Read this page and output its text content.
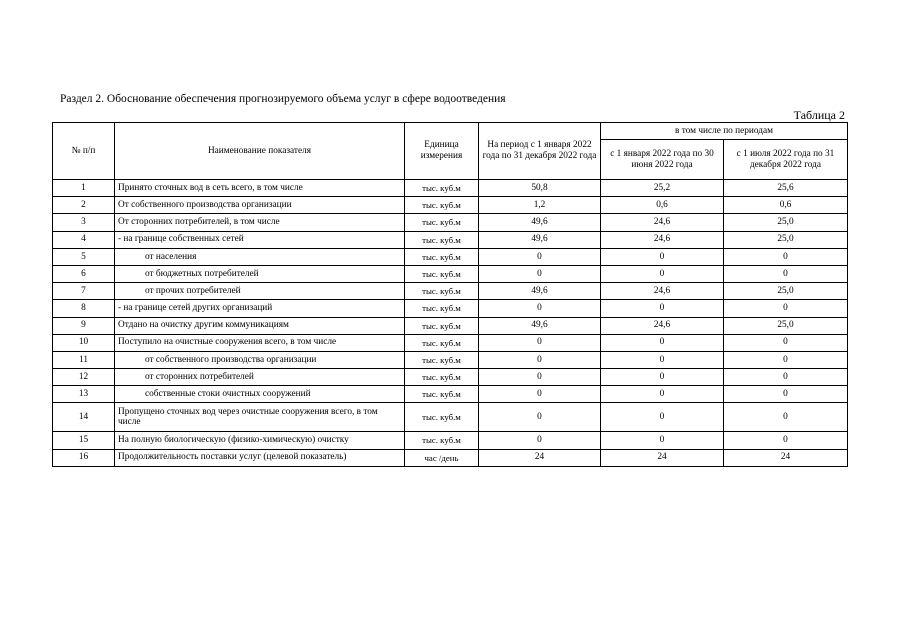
Раздел 2. Обоснование обеспечения прогнозируемого объема услуг в сфере водоотведения
Таблица 2
№ п/п	Наименование показателя	Единица измерения	На период с 1 января 2022 года по 31 декабря 2022 года	в том числе по периодам	
				с 1 января 2022 года по 30 июня 2022 года	с 1 июля 2022 года по 31 декабря 2022 года
1	Принято сточных вод в сеть всего, в том числе	тыс. куб.м	50,8	25,2	25,6
2	От собственного производства организации	тыс. куб.м	1,2	0,6	0,6
3	От сторонних потребителей, в том числе	тыс. куб.м	49,6	24,6	25,0
4	- на границе собственных сетей	тыс. куб.м	49,6	24,6	25,0
5	от населения	тыс. куб.м	0	0	0
6	от бюджетных потребителей	тыс. куб.м	0	0	0
7	от прочих потребителей	тыс. куб.м	49,6	24,6	25,0
8	- на границе сетей других организаций	тыс. куб.м	0	0	0
9	Отдано на очистку другим коммуникациям	тыс. куб.м	49,6	24,6	25,0
10	Поступило на очистные сооружения всего, в том числе	тыс. куб.м	0	0	0
11	от собственного производства организации	тыс. куб.м	0	0	0
12	от сторонних потребителей	тыс. куб.м	0	0	0
13	собственные стоки очистных сооружений	тыс. куб.м	0	0	0
14	Пропущено сточных вод через очистные сооружения всего, в том числе	тыс. куб.м	0	0	0
15	На полную биологическую (физико-химическую) очистку	тыс. куб.м	0	0	0
16	Продолжительность поставки услуг (целевой показатель)	час /день	24	24	24
